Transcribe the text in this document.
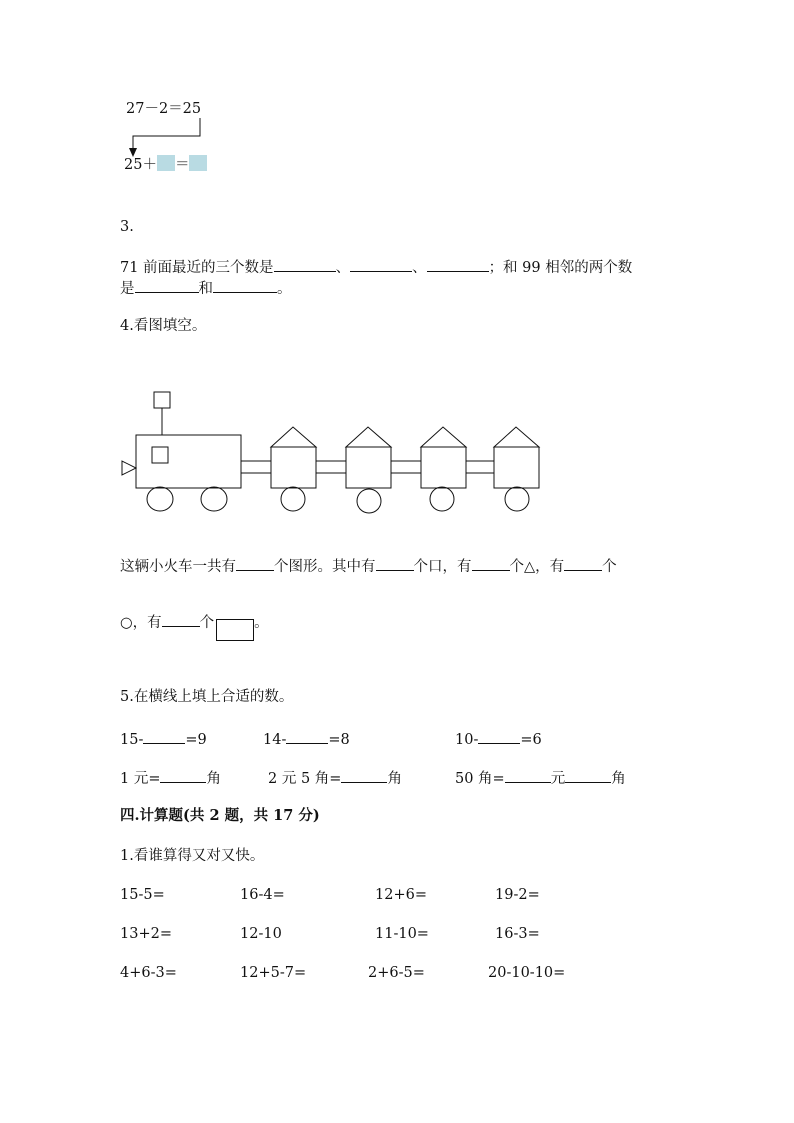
27－2＝25
25＋ ＝
3.
71 前面最近的三个数是	、	、	；和 99 相邻的两个数
是	和	。
4.看图填空。
这辆小火车一共有	个图形。其中有	个口，有	个△，有	个
○，有	个	。
5.在横线上填上合适的数。
15-	=9	14-	=8	10-	=6
1 元=	角	2 元 5 角=	角	50 角=	元	角
四.计算题(共 2 题，共 17 分)
1.看谁算得又对又快。
15-5=	16-4=	12+6=	19-2=
13+2=	12-10	11-10=	16-3=
4+6-3=	12+5-7=	2+6-5=	20-10-10=
